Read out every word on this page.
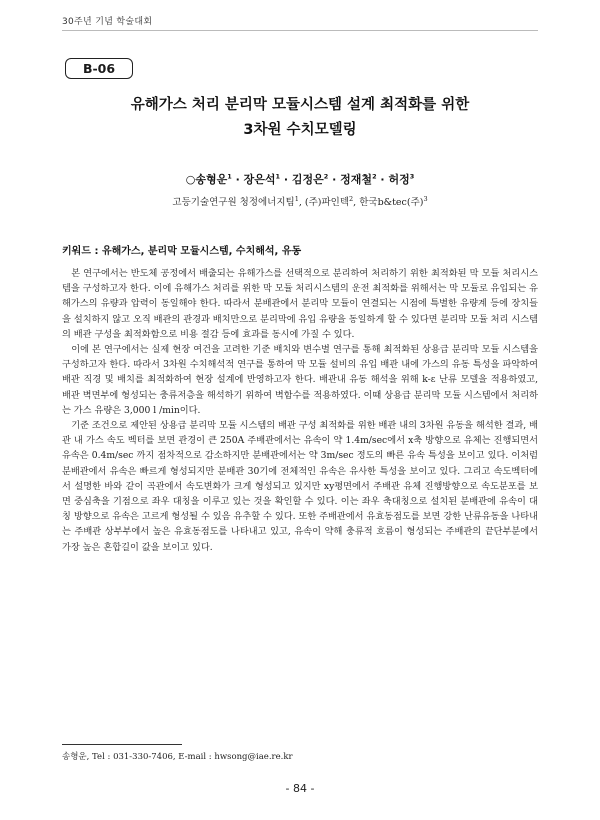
30주년 기념 학술대회
B-06
유해가스 처리 분리막 모듈시스템 설계 최적화를 위한
3차원 수치모델링
○송형운$^1$ · 장은석$^1$ · 김정은$^2$ · 정재철$^2$ · 허정$^3$
고등기술연구원 청정에너지팀$^1$, (주)파인텍$^2$, 한국b&tec(주)$^3$
키워드 : 유해가스, 분리막 모듈시스템, 수치해석, 유동

본 연구에서는 반도체 공정에서 배출되는 유해가스를 선택적으로 분리하여 처리하기 위한 최적화된 막 모듈 처리시스템을 구성하고자 한다. 이에 유해가스 처리를 위한 막 모듈 처리시스템의 운전 최적화를 위해서는 막 모듈로 유입되는 유해가스의 유량과 압력이 동일해야 한다. 따라서 분배관에서 분리막 모듈이 연결되는 시점에 특별한 유량계 등에 장치들을 설치하지 않고 오직 배관의 관경과 배치만으로 분리막에 유입 유량을 동일하게 할 수 있다면 분리막 모듈 처리 시스템의 배관 구성을 최적화함으로 비용 절감 등에 효과를 동시에 가질 수 있다.

이에 본 연구에서는 실제 현장 여건을 고려한 기준 배치와 변수별 연구를 통해 최적화된 상용급 분리막 모듈 시스템을 구성하고자 한다. 따라서 3차원 수치해석적 연구를 통하여 막 모듈 설비의 유입 배관 내에 가스의 유동 특성을 파악하여 배관 직경 및 배치를 최적화하여 현장 설계에 반영하고자 한다. 배관내 유동 해석을 위해 k-ε 난류 모델을 적용하였고, 배관 벽면부에 형성되는 충류저층을 해석하기 위하여 벽함수를 적용하였다. 이때 상용급 분리막 모듈 시스템에서 처리하는 가스 유량은 3,000 l /min이다.

기준 조건으로 제안된 상용급 분리막 모듈 시스템의 배관 구성 최적화를 위한 배관 내의 3차원 유동을 해석한 결과, 배관 내 가스 속도 벡터를 보면 관경이 큰 250A 주배관에서는 유속이 약 1.4m/sec에서 x축 방향으로 유체는 진행되면서 유속은 0.4m/sec 까지 점차적으로 감소하지만 분배관에서는 약 3m/sec 정도의 빠른 유속 특성을 보이고 있다. 이처럼 분배관에서 유속은 빠르게 형성되지만 분배관 30기에 전체적인 유속은 유사한 특성을 보이고 있다. 그리고 속도벡터에서 설명한 바와 같이 곡관에서 속도변화가 크게 형성되고 있지만 xy평면에서 주배관 유체 진행방향으로 속도분포를 보면 중심축을 기점으로 좌우 대칭을 이루고 있는 것을 확인할 수 있다. 이는 좌우 축대칭으로 설치된 분배관에 유속이 대칭 방향으로 유속은 고르게 형성될 수 있음 유추할 수 있다. 또한 주배관에서 유효동점도를 보면 강한 난류유동을 나타내는 주배관 상부부에서 높은 유효동점도를 나타내고 있고, 유속이 약해 충류적 흐름이 형성되는 주배관의 끝단부분에서 가장 높은 혼합길이 값을 보이고 있다.

송형운, Tel : 031-330-7406, E-mail : hwsong@iae.re.kr
- 84 -
